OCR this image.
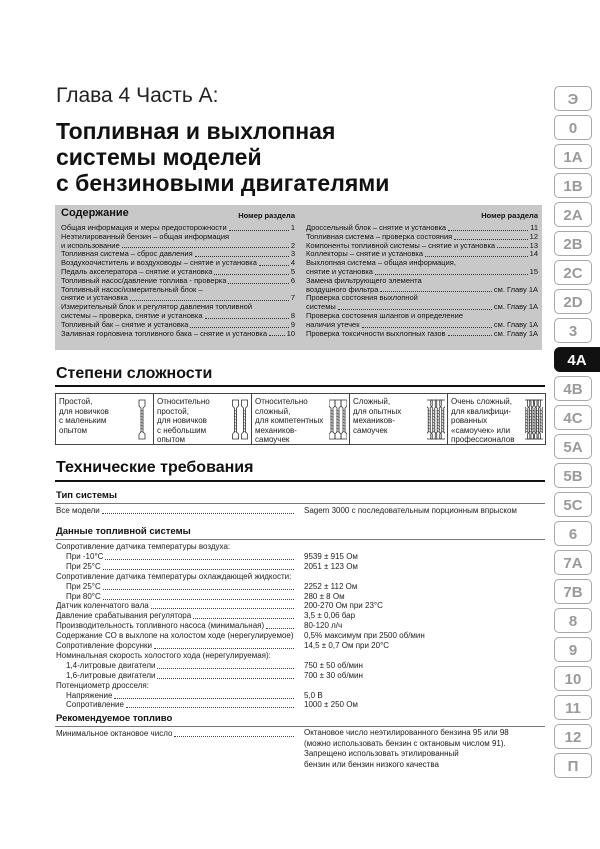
Глава 4 Часть А:
Топливная и выхлопная
системы моделей
с бензиновыми двигателями
Содержание	Номер раздела
Общая информация и меры предосторожности	1
Неэтилированный бензин – общая информация
и использование	2
Топливная система – сброс давления	3
Воздухоочиститель и воздуховоды – снятие и установка	4
Педаль акселератора – снятие и установка	5
Топливный насос/давление топлива - проверка	6
Топливный насос/измерительный блок –
снятие и установка	7
Измерительный блок и регулятор давления топливной
системы – проверка, снятие и установка	8
Топливный бак – снятие и установка	9
Заливная горловина топливного бака – снятие и установка	10
Номер раздела
Дроссельный блок – снятие и установка	11
Топливная система – проверка состояния	12
Компоненты топливной системы – снятие и установка	13
Коллекторы – снятие и установка	14
Выхлопная система – общая информация,
снятие и установка	15
Замена фильтрующего элемента
воздушного фильтра	см. Главу 1А
Проверка состояния выхлопной
системы	см. Главу 1А
Проверка состояния шлангов и определение
наличия утечек	см. Главу 1А
Проверка токсичности выхлопных газов	см. Главу 1А
Степени сложности
Простой,
для новичков
с маленьким
опытом
Относительно
простой,
для новичков
с небольшим
опытом
Относительно
сложный,
для компетентных
механиков-
самоучек
Сложный,
для опытных
механиков-
самоучек
Очень сложный,
для квалифици-
рованных
«самоучек» или
профессионалов
Технические требования
Тип системы
Все модели	Sagem 3000 с последовательным порционным впрыском
Данные топливной системы
Сопротивление датчика температуры воздуха:
При -10°С	9539 ± 915 Ом
При 25°С	2051 ± 123 Ом
Сопротивление датчика температуры охлаждающей жидкости:
При 25°С	2252 ± 112 Ом
При 80°С	280 ± 8 Ом
Датчик коленчатого вала	200-270 Ом при 23°С
Давление срабатывания регулятора	3,5 ± 0,06 бар
Производительность топливного насоса (минимальная)	80-120 л/ч
Содержание СО в выхлопе на холостом ходе (нерегулируемое) 0,5% максимум при 2500 об/мин
Сопротивление форсунки	14,5 ± 0,7 Ом при 20°С
Номинальная скорость холостого хода (нерегулируемая):
1,4-литровые двигатели	750 ± 50 об/мин
1,6-литровые двигатели	700 ± 30 об/мин
Потенциометр дросселя:
Напряжение	5,0 В
Сопротивление	1000 ± 250 Ом
Рекомендуемое топливо
Минимальное октановое число	Октановое число неэтилированного бензина 95 или 98
(можно использовать бензин с октановым числом 91).
Запрещено использовать этилированный
бензин или бензин низкого качества
Э
0
1A
1B
2A
2B
2C
2D
3
4A
4B
4C
5A
5B
5C
6
7A
7B
8
9
10
11
12
П
